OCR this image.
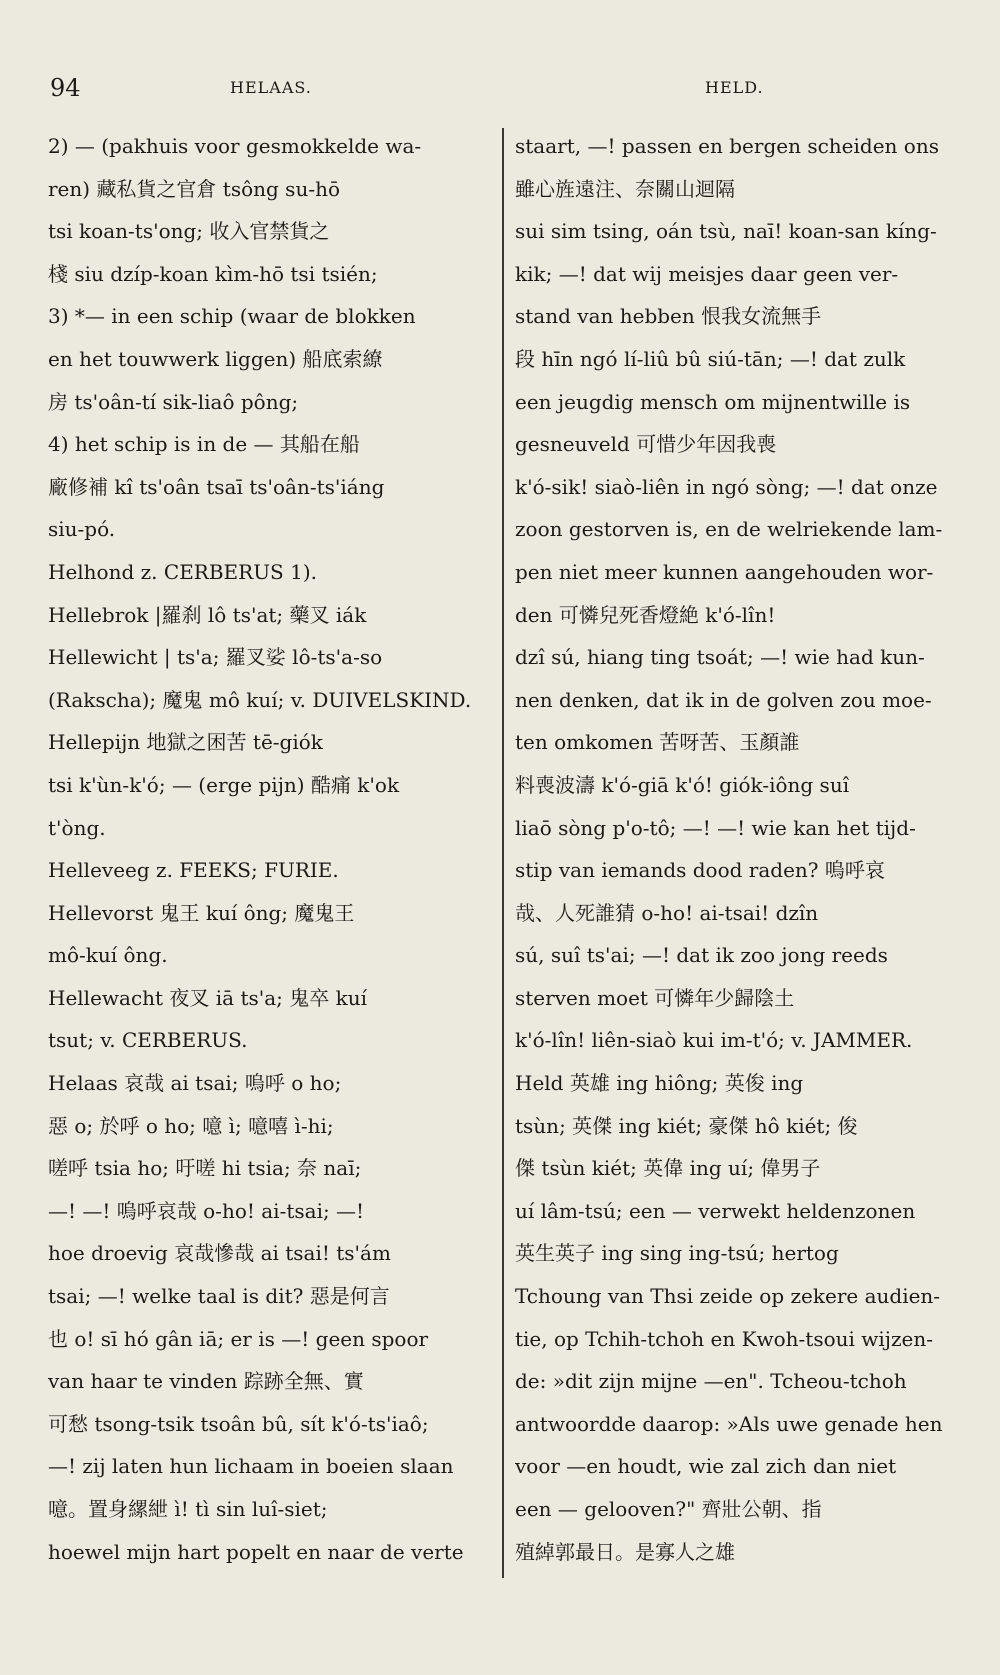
94	HELAAS.	HELD.
2) — (pakhuis voor gesmokkelde wa-
ren) 藏私貨之官倉 tsông su-hō
tsi koan-ts'ong; 收入官禁貨之
棧 siu dzíp-koan kìm-hō tsi tsién;
3) *— in een schip (waar de blokken
en het touwwerk liggen) 船底索繚
房 ts'oân-tí sik-liaô pông;
4) het schip is in de — 其船在船
廠修補 kî ts'oân tsaī ts'oân-ts'iáng
siu-pó.
Helhond z. CERBERUS 1).
Hellebrok |羅刹 lô ts'at; 藥叉 iák
Hellewicht | ts'a; 羅叉娑 lô-ts'a-so
(Rakscha); 魔鬼 mô kuí; v. DUIVELSKIND.
Hellepijn 地獄之困苦 tē-giók
tsi k'ùn-k'ó; — (erge pijn) 酷痛 k'ok
t'òng.
Helleveeg z. FEEKS; FURIE.
Hellevorst 鬼王 kuí ông; 魔鬼王
mô-kuí ông.
Hellewacht 夜叉 iā ts'a; 鬼卒 kuí
tsut; v. CERBERUS.
Helaas 哀哉 ai tsai; 嗚呼 o ho;
惡 o; 於呼 o ho; 噫 ì; 噫嘻 ì-hi;
嗟呼 tsia ho; 吁嗟 hi tsia; 奈 naī;
—! —! 嗚呼哀哉 o-ho! ai-tsai; —!
hoe droevig 哀哉慘哉 ai tsai! ts'ám
tsai; —! welke taal is dit? 惡是何言
也 o! sī hó gân iā; er is —! geen spoor
van haar te vinden 踪跡全無、實
可愁 tsong-tsik tsoân bû, sít k'ó-ts'iaô;
—! zij laten hun lichaam in boeien slaan
噫。置身縲紲 ì! tì sin luî-siet;
hoewel mijn hart popelt en naar de verte
staart, —! passen en bergen scheiden ons
雖心旌遠注、奈關山迴隔
sui sim tsing, oán tsù, naī! koan-san kíng-
kik; —! dat wij meisjes daar geen ver-
stand van hebben 恨我女流無手
段 hīn ngó lí-liû bû siú-tān; —! dat zulk
een jeugdig mensch om mijnentwille is
gesneuveld 可惜少年因我喪
k'ó-sik! siaò-liên in ngó sòng; —! dat onze
zoon gestorven is, en de welriekende lam-
pen niet meer kunnen aangehouden wor-
den 可憐兒死香燈絶 k'ó-lîn!
dzî sú, hiang ting tsoát; —! wie had kun-
nen denken, dat ik in de golven zou moe-
ten omkomen 苦呀苦、玉顏誰
料喪波濤 k'ó-giā k'ó! giók-iông suî
liaō sòng p'o-tô; —! —! wie kan het tijd-
stip van iemands dood raden? 嗚呼哀
哉、人死誰猜 o-ho! ai-tsai! dzîn
sú, suî ts'ai; —! dat ik zoo jong reeds
sterven moet 可憐年少歸陰土
k'ó-lîn! liên-siaò kui im-t'ó; v. JAMMER.
Held 英雄 ing hiông; 英俊 ing
tsùn; 英傑 ing kiét; 豪傑 hô kiét; 俊
傑 tsùn kiét; 英偉 ing uí; 偉男子
uí lâm-tsú; een — verwekt heldenzonen
英生英子 ing sing ing-tsú; hertog
Tchoung van Thsi zeide op zekere audien-
tie, op Tchih-tchoh en Kwoh-tsoui wijzen-
de: »dit zijn mijne —en". Tcheou-tchoh
antwoordde daarop: »Als uwe genade hen
voor —en houdt, wie zal zich dan niet
een — gelooven?" 齊壯公朝、指
殖綽郭最日。是寡人之雄
